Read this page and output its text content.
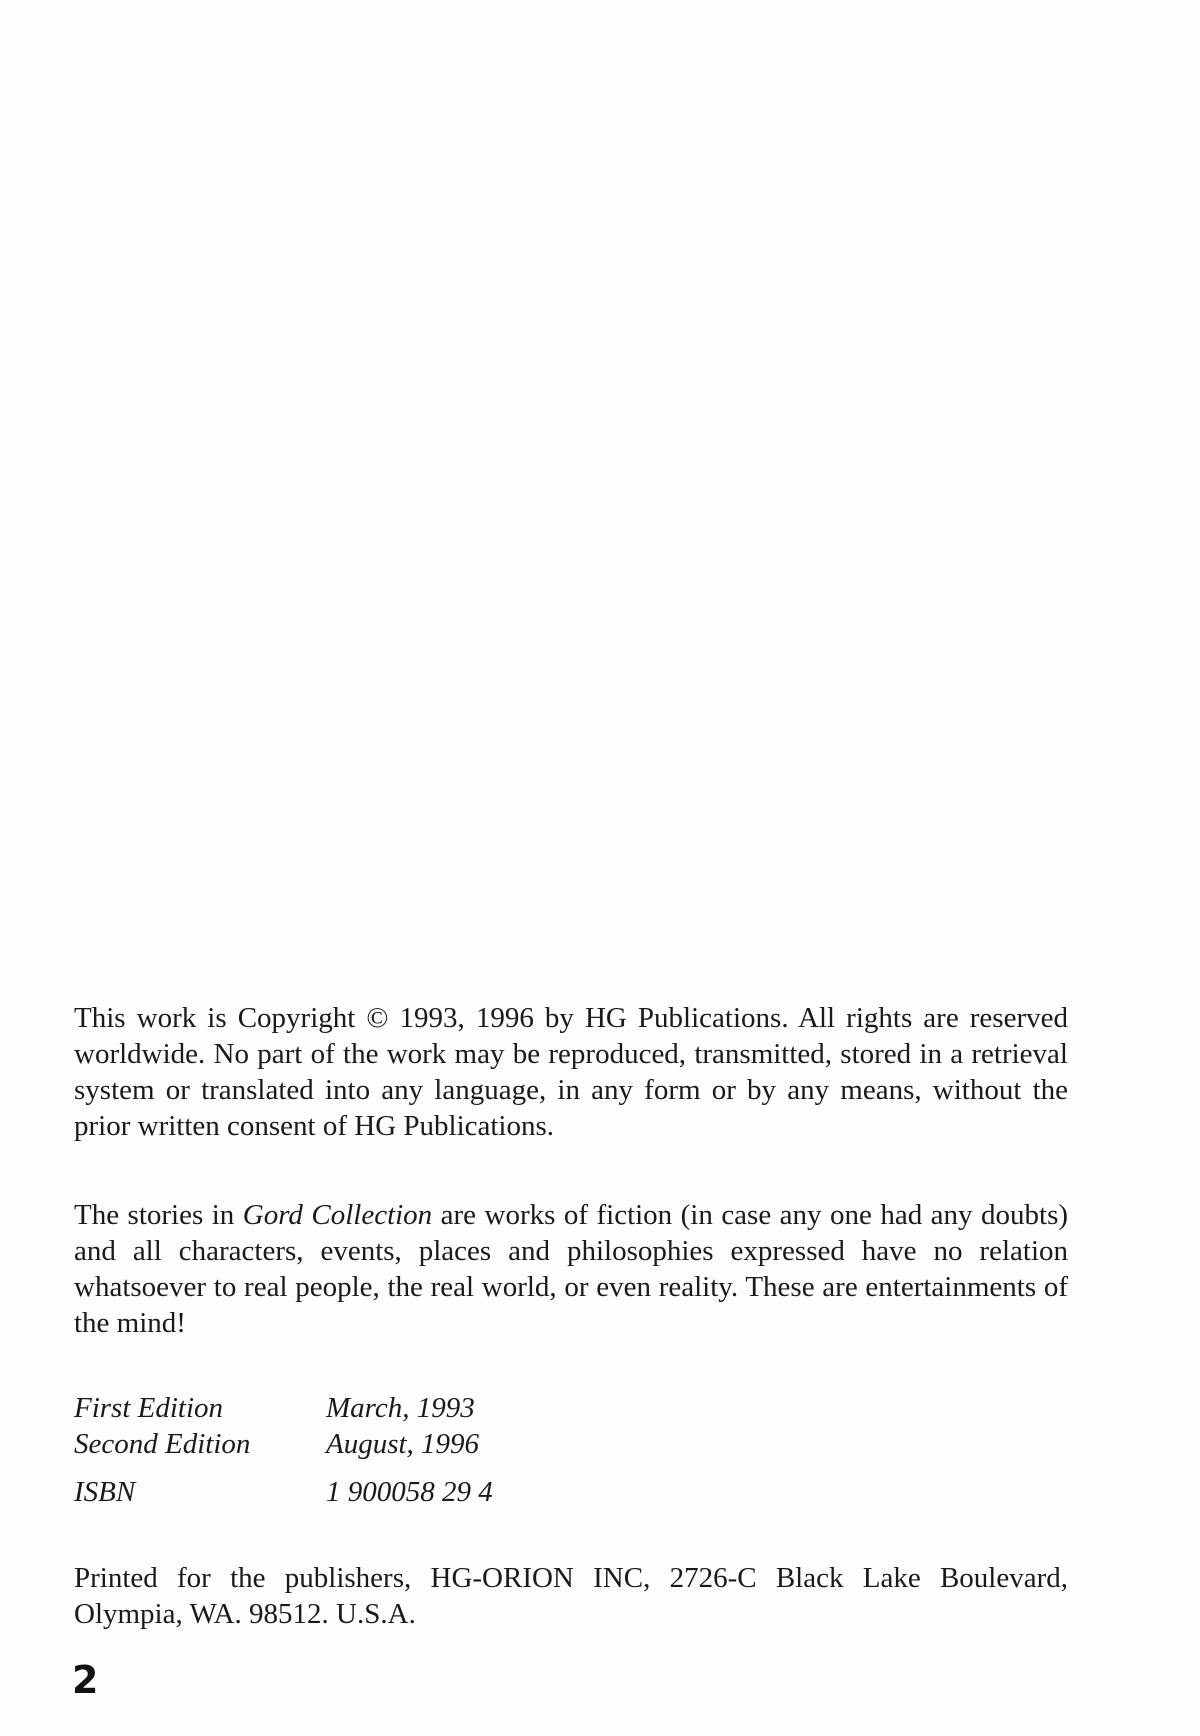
This work is Copyright © 1993, 1996 by HG Publications. All rights are reserved worldwide. No part of the work may be reproduced, transmitted, stored in a retrieval system or translated into any language, in any form or by any means, without the prior written consent of HG Publications.

The stories in Gord Collection are works of fiction (in case any one had any doubts) and all characters, events, places and philosophies expressed have no relation whatsoever to real people, the real world, or even reality. These are entertainments of the mind!

First Edition	March, 1993
Second Edition	August, 1996
ISBN	1 900058 29 4

Printed for the publishers, HG-ORION INC, 2726-C Black Lake Boulevard, Olympia, WA. 98512. U.S.A.

2
